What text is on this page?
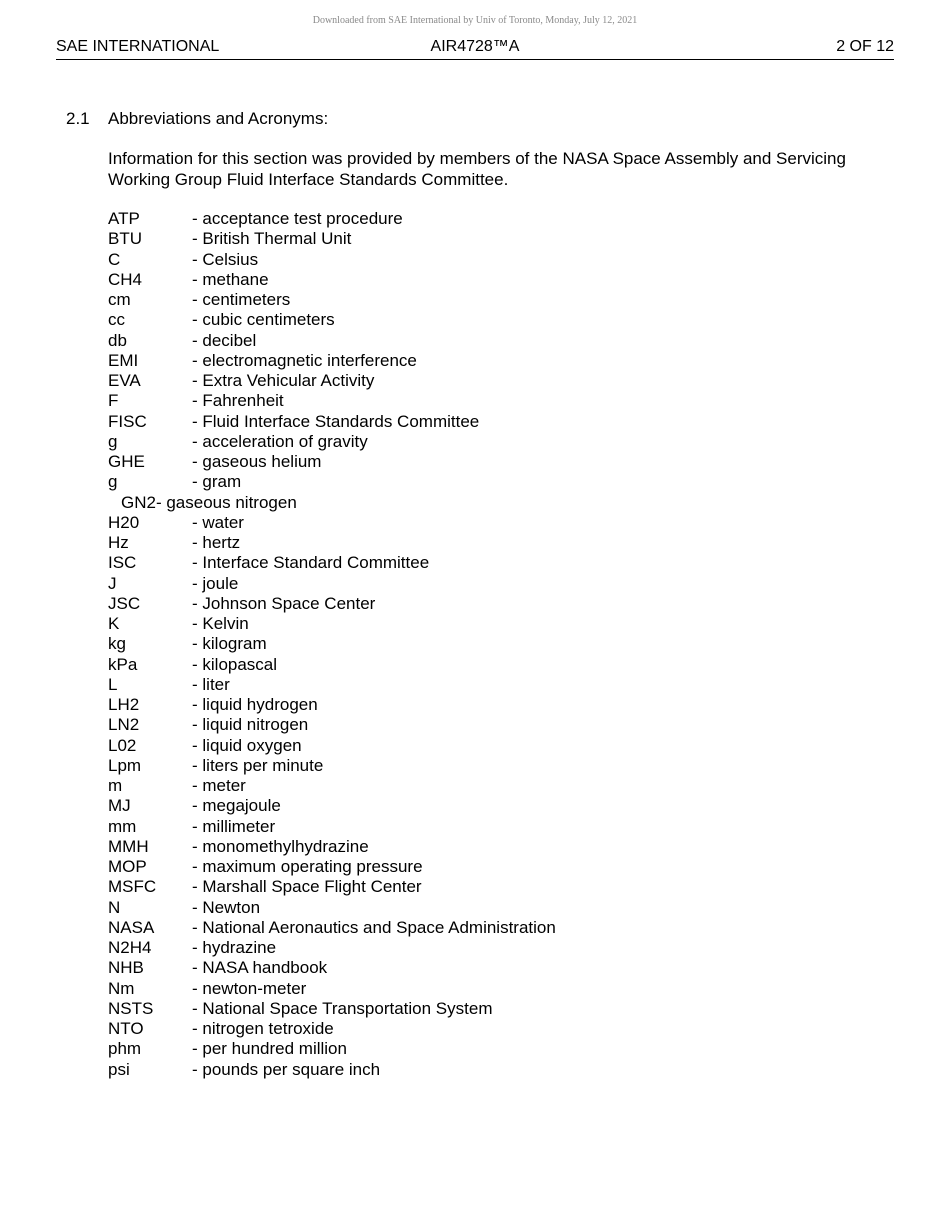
Downloaded from SAE International by Univ of Toronto, Monday, July 12, 2021
SAE INTERNATIONAL	AIR4728™A	2 OF 12
2.1 Abbreviations and Acronyms:
Information for this section was provided by members of the NASA Space Assembly and Servicing Working Group Fluid Interface Standards Committee.
ATP	- acceptance test procedure
BTU	- British Thermal Unit
C	- Celsius
CH4	- methane
cm	- centimeters
cc	- cubic centimeters
db	- decibel
EMI	- electromagnetic interference
EVA	- Extra Vehicular Activity
F	- Fahrenheit
FISC	- Fluid Interface Standards Committee
g	- acceleration of gravity
GHE	- gaseous helium
g	- gram
GN2- gaseous nitrogen
H20	- water
Hz	- hertz
ISC	- Interface Standard Committee
J	- joule
JSC	- Johnson Space Center
K	- Kelvin
kg	- kilogram
kPa	- kilopascal
L	- liter
LH2	- liquid hydrogen
LN2	- liquid nitrogen
L02	- liquid oxygen
Lpm	- liters per minute
m	- meter
MJ	- megajoule
mm	- millimeter
MMH	- monomethylhydrazine
MOP	- maximum operating pressure
MSFC - Marshall Space Flight Center
N	- Newton
NASA - National Aeronautics and Space Administration
N2H4 - hydrazine
NHB	- NASA handbook
Nm	- newton-meter
NSTS - National Space Transportation System
NTO	- nitrogen tetroxide
phm	- per hundred million
psi	- pounds per square inch
